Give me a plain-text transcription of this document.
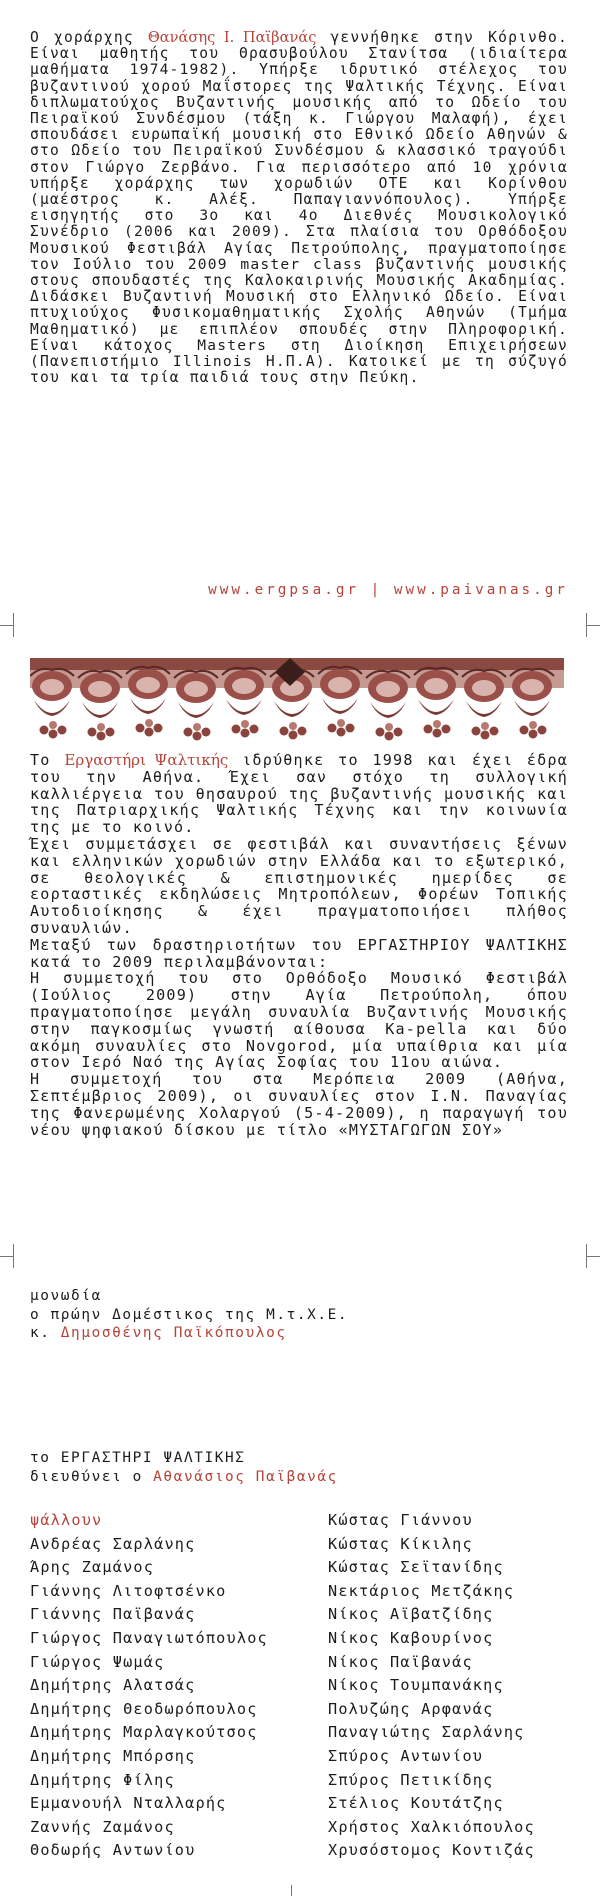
Ο χοράρχης Θανάσης Ι. Παϊβανάς γεννήθηκε στην Κόρινθο. Είναι μαθητής του Θρασυβούλου Στανίτσα (ιδιαίτερα μαθήματα 1974-1982). Υπήρξε ιδρυτικό στέλεχος του βυζαντινού χορού Μαΐστορες της Ψαλτικής Τέχνης. Είναι διπλωματούχος Βυζαντινής μουσικής από το Ωδείο του Πειραϊκού Συνδέσμου (τάξη κ. Γιώργου Μαλαφή), έχει σπουδάσει ευρωπαϊκή μουσική στο Εθνικό Ωδείο Αθηνών & στο Ωδείο του Πειραϊκού Συνδέσμου & κλασσικό τραγούδι στον Γιώργο Ζερβάνο. Για περισσότερο από 10 χρόνια υπήρξε χοράρχης των χορωδιών ΟΤΕ και Κορίνθου (μαέστρος κ. Αλέξ. Παπαγιαννόπουλος). Υπήρξε εισηγητής στο 3ο και 4ο Διεθνές Μουσικολογικό Συνέδριο (2006 και 2009). Στα πλαίσια του Ορθόδοξου Μουσικού Φεστιβάλ Αγίας Πετρούπολης, πραγματοποίησε τον Ιούλιο του 2009 master class βυζαντινής μουσικής στους σπουδαστές της Καλοκαιρινής Μουσικής Ακαδημίας. Διδάσκει Βυζαντινή Μουσική στο Ελληνικό Ωδείο. Είναι πτυχιούχος Φυσικομαθηματικής Σχολής Αθηνών (Τμήμα Μαθηματικό) με επιπλέον σπουδές στην Πληροφορική. Είναι κάτοχος Masters στη Διοίκηση Επιχειρήσεων (Πανεπιστήμιο Illinois Η.Π.Α). Κατοικεί με τη σύζυγό του και τα τρία παιδιά τους στην Πεύκη.

www.ergpsa.gr | www.paivanas.gr

Το Εργαστήρι Ψαλτικής ιδρύθηκε το 1998 και έχει έδρα του την Αθήνα. Έχει σαν στόχο τη συλλογική καλλιέργεια του θησαυρού της βυζαντινής μουσικής και της Πατριαρχικής Ψαλτικής Τέχνης και την κοινωνία της με το κοινό.

Έχει συμμετάσχει σε φεστιβάλ και συναντήσεις ξένων και ελληνικών χορωδιών στην Ελλάδα και το εξωτερικό, σε θεολογικές & επιστημονικές ημερίδες σε εορταστικές εκδηλώσεις Μητροπόλεων, Φορέων Τοπικής Αυτοδιοίκησης & έχει πραγματοποιήσει πλήθος συναυλιών.

Μεταξύ των δραστηριοτήτων του ΕΡΓΑΣΤΗΡΙΟΥ ΨΑΛΤΙΚΗΣ κατά το 2009 περιλαμβάνονται:

Η συμμετοχή του στο Ορθόδοξο Μουσικό Φεστιβάλ (Ιούλιος 2009) στην Αγία Πετρούπολη, όπου πραγματοποίησε μεγάλη συναυλία Βυζαντινής Μουσικής στην παγκοσμίως γνωστή αίθουσα Ka-pella και δύο ακόμη συναυλίες στο Novgorod, μία υπαίθρια και μία στον Ιερό Ναό της Αγίας Σοφίας του 11ου αιώνα.

Η συμμετοχή του στα Μερόπεια 2009 (Αθήνα, Σεπτέμβριος 2009), οι συναυλίες στον Ι.Ν. Παναγίας της Φανερωμένης Χολαργού (5-4-2009), η παραγωγή του νέου ψηφιακού δίσκου με τίτλο «ΜΥΣΤΑΓΩΓΩΝ ΣΟΥ»

μονωδία
ο πρώην Δομέστικος της Μ.τ.Χ.Ε.
κ. Δημοσθένης Παϊκόπουλος
το ΕΡΓΑΣΤΗΡΙ ΨΑΛΤΙΚΗΣ
διευθύνει ο Αθανάσιος Παϊβανάς
ψάλλουν
Ανδρέας Σαρλάνης
Άρης Ζαμάνος
Γιάννης Λιτοφτσένκο
Γιάννης Παϊβανάς
Γιώργος Παναγιωτόπουλος
Γιώργος Ψωμάς
Δημήτρης Αλατσάς
Δημήτρης Θεοδωρόπουλος
Δημήτρης Μαρλαγκούτσος
Δημήτρης Μπόρσης
Δημήτρης Φίλης
Εμμανουήλ Νταλλαρής
Ζαννής Ζαμάνος
Θοδωρής Αντωνίου
Κώστας Γιάννου
Κώστας Κίκιλης
Κώστας Σεϊτανίδης
Νεκτάριος Μετζάκης
Νίκος Αϊβατζίδης
Νίκος Καβουρίνος
Νίκος Παϊβανάς
Νίκος Τουμπανάκης
Πολυζώης Αρφανάς
Παναγιώτης Σαρλάνης
Σπύρος Αντωνίου
Σπύρος Πετικίδης
Στέλιος Κουτάτζης
Χρήστος Χαλκιόπουλος
Χρυσόστομος Κοντιζάς
